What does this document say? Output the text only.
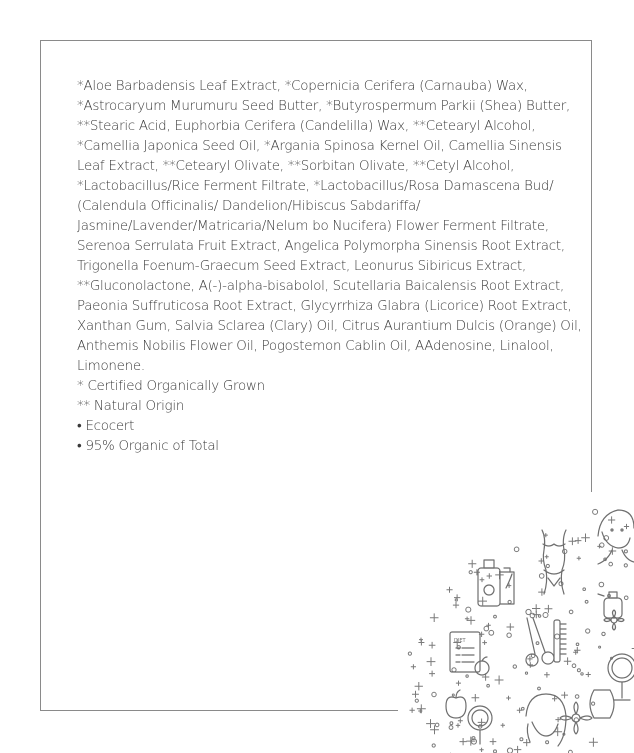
*Aloe Barbadensis Leaf Extract, *Copernicia Cerifera (Carnauba) Wax,
*Astrocaryum Murumuru Seed Butter, *Butyrospermum Parkii (Shea) Butter,
**Stearic Acid, Euphorbia Cerifera (Candelilla) Wax, **Cetearyl Alcohol,
*Camellia Japonica Seed Oil, *Argania Spinosa Kernel Oil, Camellia Sinensis
Leaf Extract, **Cetearyl Olivate, **Sorbitan Olivate, **Cetyl Alcohol,
*Lactobacillus/Rice Ferment Filtrate, *Lactobacillus/Rosa Damascena Bud/
(Calendula Officinalis/ Dandelion/Hibiscus Sabdariffa/
Jasmine/Lavender/Matricaria/Nelum bo Nucifera) Flower Ferment Filtrate,
Serenoa Serrulata Fruit Extract, Angelica Polymorpha Sinensis Root Extract,
Trigonella Foenum-Graecum Seed Extract, Leonurus Sibiricus Extract,
**Gluconolactone, A(-)-alpha-bisabolol, Scutellaria Baicalensis Root Extract,
Paeonia Suffruticosa Root Extract, Glycyrrhiza Glabra (Licorice) Root Extract,
Xanthan Gum, Salvia Sclarea (Clary) Oil, Citrus Aurantium Dulcis (Orange) Oil,
Anthemis Nobilis Flower Oil, Pogostemon Cablin Oil, AAdenosine, Linalool,
Limonene.
* Certified Organically Grown
** Natural Origin
• Ecocert
• 95% Organic of Total
DIET
